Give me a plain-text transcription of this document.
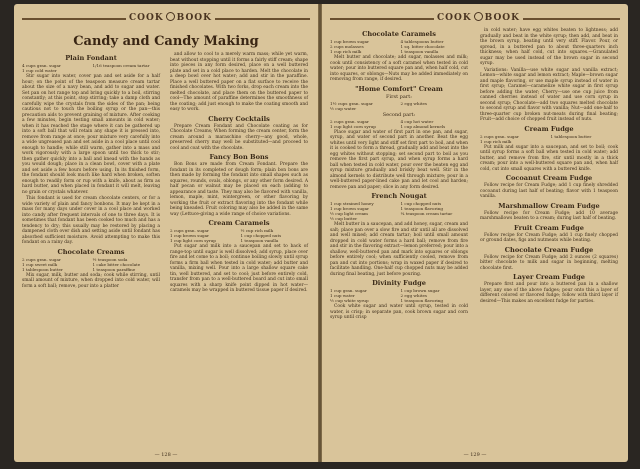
COOK BOOK
Candy and Candy Making
Plain Fondant
4 cups gran. sugar	1/16 teaspoon cream tartar
1 cup cold water

Stir sugar into water, cover pan and set aside for a half hour; on the point of the teaspoon measure cream tartar about the size of a navy bean, and add to sugar and water. Set pan on hot range top and bring quickly to a boil, stirring constantly; at this point, stop stirring; take a damp cloth and carefully wipe the crystals from the sides of the pan; being cautious not to touch the boiling syrup or the pan—this precaution aids to prevent graining of mixture. After cooking a few minutes, begin testing small amounts in cold water; when it has reached the stage where it can be gathered up into a soft ball that will retain any shape it is pressed into, remove from range at once; pour mixture very carefully into a wide ungreased pan and set aside in a cool place until cool enough to handle; while still warm, gather into a mass and work vigorously with a large spoon until too thick to stir; then gather quickly into a ball and knead with the hands as you would dough; place in a clean bowl, cover with a plate and set aside a few hours before using. In its finished form, the fondant should look much like hard when broken, soften enough to readily form or rup with a knife, about as firm as hard butter, and when placed in fondant it will melt, leaving no grain or crystals whatever.

This fondant is used for cream chocolate centers, or for a wide variety of plain and fancy bonbons. It may be kept in a mass for many days under cover in a cool place and worked into candy after frequent intervals of one to three days. It is sometimes that fondant has been cooked too much and has a tendency to dry; this usually may be restored by placing a dampened cloth over dish and setting aside until fondant has absorbed sufficient moisture. Avoid attempting to make this fondant on a rainy day.

Chocolate Creams
2 cups gran. sugar	½ teaspoon soda
1 cup sweet milk	1 cake bitter chocolate
1 tablespoon butter	1 teaspoon paraffine

Mix sugar, milk, butter and soda; cook while stirring, until small amount of mixture, when dropped into cold water, will form a soft ball; remove, pour into a platter

and allow to cool to a merely warm mass; while yet warm, beat without stopping until it forms a fairly stiff cream; shape into pieces in any form desired, place on a well buttered plate and set in a cold place to harden. Melt the chocolate in a deep bowl over hot water; add and stir in the paraffine. Place a well buttered paper on a flat surface to receive the finished chocolates. With two forks, drop each cream into the melted chocolate, and place them on the buttered paper to cool—The amount of paraffine determines the smoothness of the coating; add just enough to make the coating smooth and easy to work.

Cherry Cocktails

Prepare Cream Fondant and Chocolate coating as for Chocolate Creams; When forming the cream center, form the cream around a maraschino cherry—any good, whole, preserved cherry may well be substituted—and proceed to cool and coat with the chocolate.

Fancy Bon Bons

Bon Bons are made from Cream Fondant. Prepare the fondant in its completed or dough form; plain bon bons are then made by forming the fondant into small shapes such as squares, rounds, ovals, oblongs, or any other form desired. A half pecan or walnut may be placed on each (adding to appearance and taste. They may also be flavored with vanilla, lemon, maple, mint, wintergreen, or other flavoring by working the fruit or extract flavoring into the fondant while being kneaded. Fruit coloring may also be added in the same way (Lettuce-giving a wide range of choice variations.

Cream Caramels
2 cups gran. sugar	½ cup rich milk
1 cup brown sugar	1 cup chopped nuts
1 cup light corn syrup	1 teaspoon vanilla

Put sugar and milk into a saucepan and set to back of range-top until sugar is well dissolved; add syrup, place over fire and let come to a boil; continue boiling slowly until syrup forms a firm ball when tested in cold water; add butter and vanilla, mixing well. Pour into a large shallow square cake tin, well buttered, and set to cool; just before entirely cold, transfer from pan to a well-buttered board and cut into small squares with a sharp knife point dipped in hot water—caramels may be wrapped in buttered tissue paper if desired.

— 128 —
COOK BOOK
Chocolate Caramels
1 cup brown sugar	4 tablespoons butter
2 cups molasses	1 sq. bitter chocolate
1 cup rich milk	1 teaspoon vanilla

Melt butter and chocolate; add sugar, molasses and milk; cook until consistency of a soft caramel when tested in cold water; pour into buttered square pan and, when half cold, cut into squares, or oblongs—Nuts may be added immediately on removing from range, if desired.

"Home Comfort" Cream
First part:
1½ cups gran. sugar	2 egg whites
½ cup water
Second part:
2 cups gran. sugar	4 cup hot water
1 cup light corn syrup	1 cup almond kernels

Place sugar and water of first part in one pan, and sugar, syrup, and water of second part in another. Beat the egg whites until very light and stiff set first part to boil, and when it is cooked to form a thread, gradually add and beat into the egg whites without stopping; set second part to boil as you remove the first part syrup, and when syrup forms a hard ball when tested in cold water, pour over the beaten egg and syrup mixture gradually and briskly beat well. Stir in the almond kernels to distribute well through mixture; pour in a well-buttered paper-lined cake pan and let cool and harden; remove pan and paper; slice in any form desired.

French Nougat
1 cup strained honey	1 cup chopped nuts
1 cup brown sugar	1 teaspoon flavoring
½ cup light cream	¼ teaspoon cream tartar
½ cup butter

Melt butter in a saucepan, and add honey, sugar, cream and salt; place pan over a slow fire and stir until all are dissolved and well mixed; add cream tartar; boil until small amount dropped in cold water forms a hard ball; remove from fire and stir in the flavoring extract—lemon preferred; pour into a shallow, well-buttered pan and mark into squares or oblongs before entirely cool; when sufficiently cooled, remove from pan and cut into portions; wrap in waxed paper if desired to facilitate handling. One-half cup chopped nuts may be added during final beating, just before pouring.

Divinity Fudge
1 cup gran. sugar	1 cup brown sugar
1 cup water	2 egg whites
½ cup white syrup	1 teaspoon flavoring

Cook white sugar and water until syrup, tested in cold water, is crisp; in separate pan, cook brown sugar and corn syrup until crisp

in cold water; have egg whites beaten to lightness; add gradually and beat in the white syrup; then add, and beat in the brown syrup, beating until very stiff. Flavor. Pour, or spread, in a buttered pan to about three-quarters inch thickness; when half cold, cut into squares.—Granulated sugar may be used instead of the brown sugar in second syrup.

Variations: Vanilla—use white sugar and vanilla extract; Lemon—white sugar and lemon extract; Maple—brown sugar and maple flavoring, or use maple syrup instead of water in first syrup; Caramel—caramelize white sugar in first syrup before adding the water; Cherry—use one cup juice from canned cherries instead of water and use corn syrup in second syrup; Chocolate—add two squares melted chocolate to second syrup and flavor with vanilla; Nut—add one-half to three-quarter cup broken nut-meats during final beating; Fruit—add choice of chopped fruit instead of nuts.

Cream Fudge
2 cups gran. sugar	1 tablespoon butter
1 cup rich milk

Put milk and sugar into a saucepan, and set to boil; cook until syrup forms a soft ball when tested in cold water; add butter, and remove from fire, stir until mostly in a thick cream; pour into a well-buttered square pan and, when half cold, cut into small squares with a buttered knife.

Cocoanut Cream Fudge

Follow recipe for Cream Fudge; add 1 cup finely shredded cocoanut during last half of beating; flavor with 1 teaspoon vanilla.

Marshmallow Cream Fudge

Follow recipe for Cream Fudge; add 10 average marshmallows beaten to a cream; during last half of beating.

Fruit Cream Fudge

Follow recipe for Cream Fudge; add 1 cup finely chopped or ground dates, figs and nutmeats while beating.

Chocolate Cream Fudge

Follow recipe for Cream Fudge; add 2 ounces (2 squares) bitter chocolate to milk and sugar in beginning, melting chocolate first.

Layer Cream Fudge

Prepare first and pour into a buttered pan in a shallow layer, any one of the above fudges; pour onto this a layer of different colored or flavored fudge; follow with third layer if desired—This makes an excellent fudge for parties.

— 129 —
